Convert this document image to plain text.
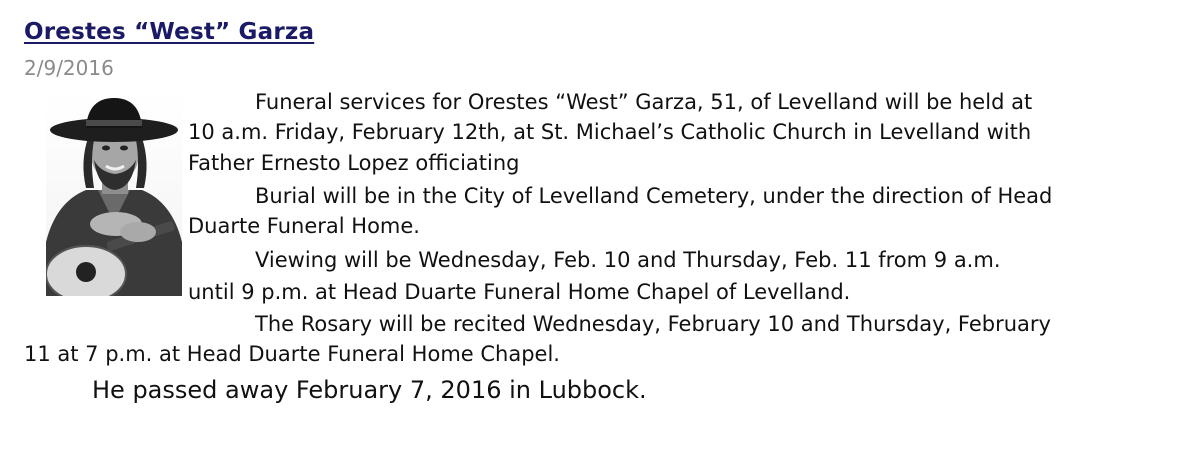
Orestes “West” Garza
2/9/2016
Funeral services for Orestes “West” Garza, 51, of Levelland will be held at
10 a.m. Friday, February 12th, at St. Michael’s Catholic Church in Levelland with
Father Ernesto Lopez officiating
Burial will be in the City of Levelland Cemetery, under the direction of Head
Duarte Funeral Home.
Viewing will be Wednesday, Feb. 10 and Thursday, Feb. 11 from 9 a.m.
until 9 p.m. at Head Duarte Funeral Home Chapel of Levelland.
The Rosary will be recited Wednesday, February 10 and Thursday, February
11 at 7 p.m. at Head Duarte Funeral Home Chapel.
He passed away February 7, 2016 in Lubbock.
